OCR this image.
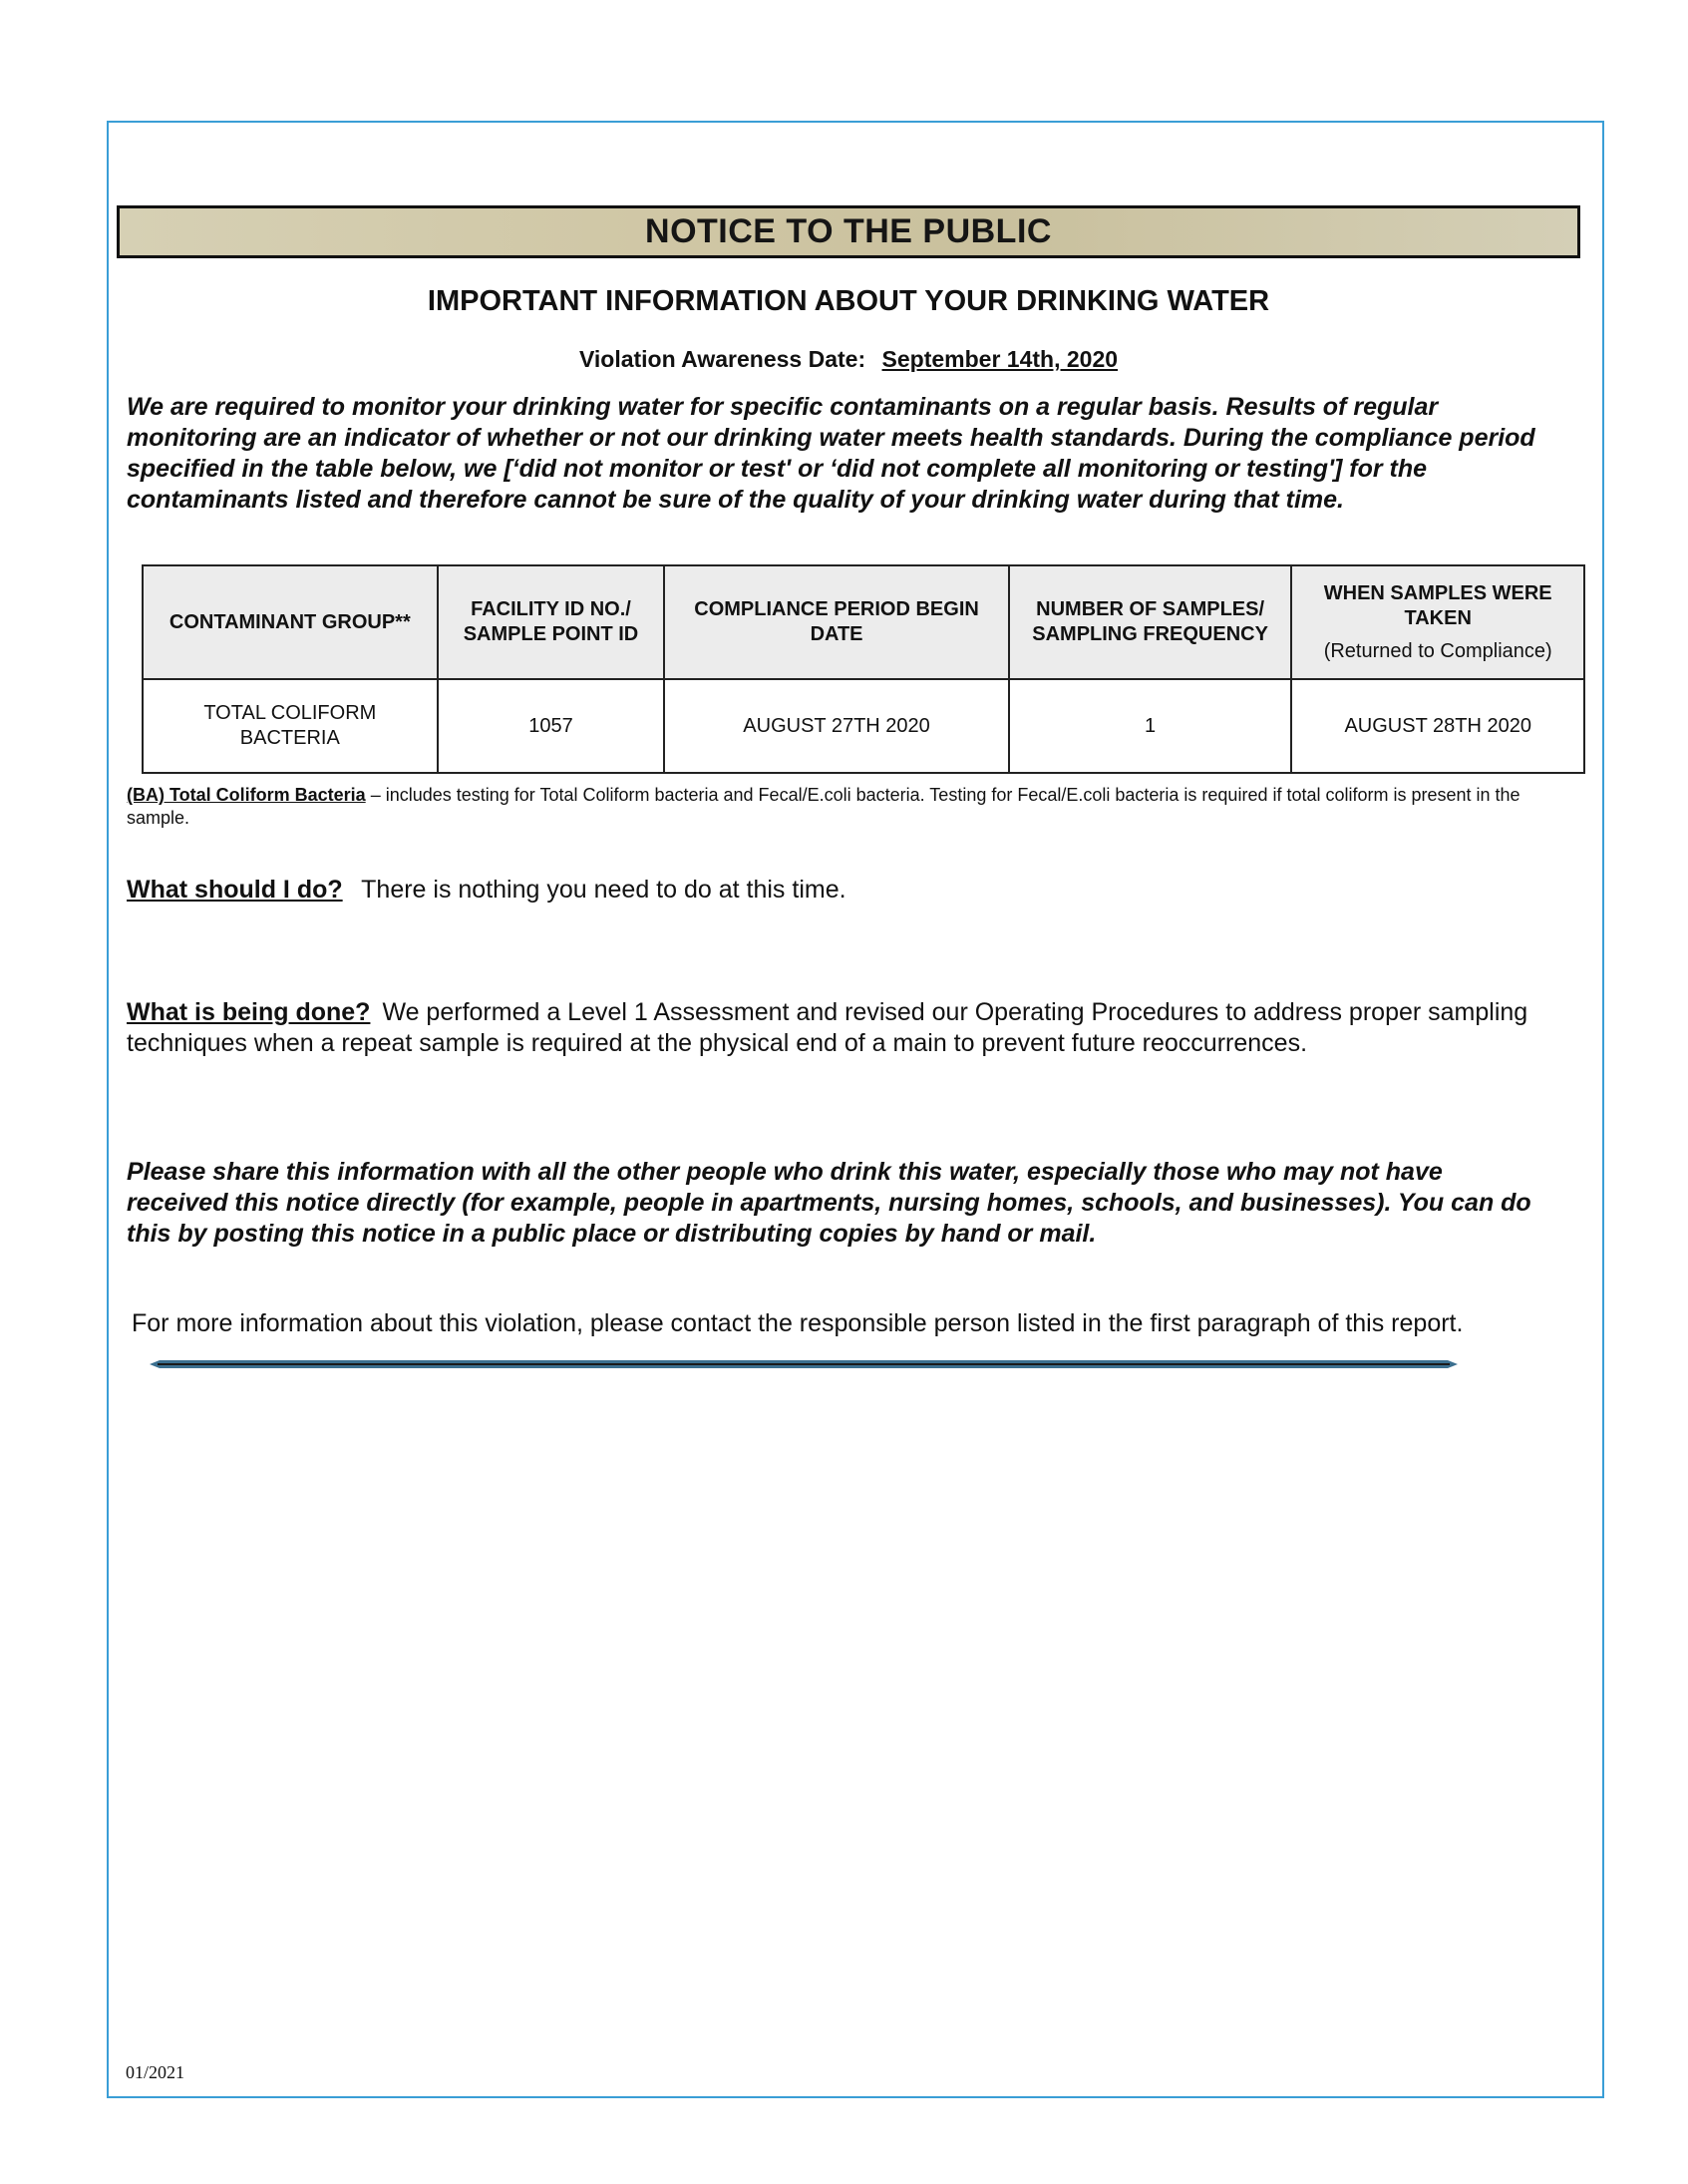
NOTICE TO THE PUBLIC
IMPORTANT INFORMATION ABOUT YOUR DRINKING WATER
Violation Awareness Date: September 14th, 2020

We are required to monitor your drinking water for specific contaminants on a regular basis. Results of regular monitoring are an indicator of whether or not our drinking water meets health standards. During the compliance period specified in the table below, we [‘did not monitor or test' or ‘did not complete all monitoring or testing'] for the contaminants listed and therefore cannot be sure of the quality of your drinking water during that time.

CONTAMINANT GROUP**	FACILITY ID NO./ SAMPLE POINT ID	COMPLIANCE PERIOD BEGIN DATE	NUMBER OF SAMPLES/ SAMPLING FREQUENCY	WHEN SAMPLES WERE TAKEN
(Returned to Compliance)

TOTAL COLIFORM BACTERIA	1057	AUGUST 27TH 2020	1	AUGUST 28TH 2020

(BA) Total Coliform Bacteria – includes testing for Total Coliform bacteria and Fecal/E.coli bacteria. Testing for Fecal/E.coli bacteria is required if total coliform is present in the sample.

What should I do? There is nothing you need to do at this time.

What is being done? We performed a Level 1 Assessment and revised our Operating Procedures to address proper sampling techniques when a repeat sample is required at the physical end of a main to prevent future reoccurrences.

Please share this information with all the other people who drink this water, especially those who may not have received this notice directly (for example, people in apartments, nursing homes, schools, and businesses). You can do this by posting this notice in a public place or distributing copies by hand or mail.

For more information about this violation, please contact the responsible person listed in the first paragraph of this report.

01/2021
